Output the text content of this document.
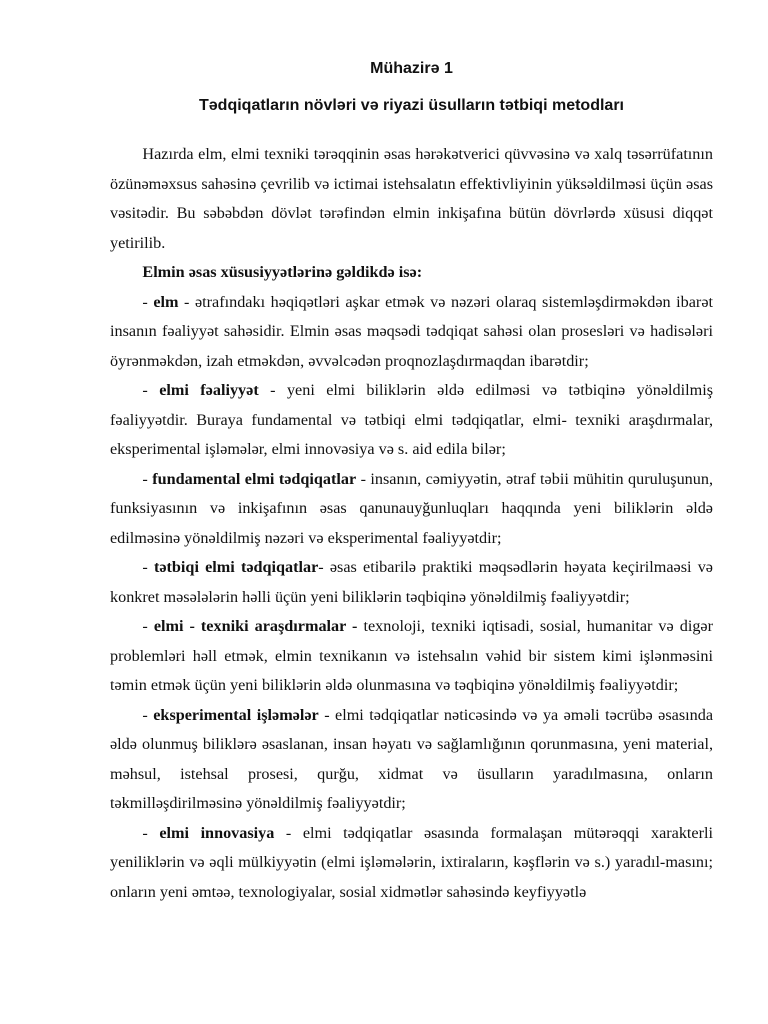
Mühazirə 1
Tədqiqatların növləri və riyazi üsulların tətbiqi metodları

Hazırda elm, elmi texniki tərəqqinin əsas hərəkətverici qüvvəsinə və xalq təsərrüfatının özünəməxsus sahəsinə çevrilib və ictimai istehsalatın effektivliyinin yüksəldilməsi üçün əsas vəsitədir. Bu səbəbdən dövlət tərəfindən elmin inkişafına bütün dövrlərdə xüsusi diqqət yetirilib.

Elmin əsas xüsusiyyətlərinə gəldikdə isə:

- elm - ətrafındakı həqiqətləri aşkar etmək və nəzəri olaraq sistemləşdirməkdən ibarət insanın fəaliyyət sahəsidir. Elmin əsas məqsədi tədqiqat sahəsi olan prosesləri və hadisələri öyrənməkdən, izah etməkdən, əvvəlcədən proqnozlaşdırmaqdan ibarətdir;

- elmi fəaliyyət - yeni elmi biliklərin əldə edilməsi və tətbiqinə yönəldilmiş fəaliyyətdir. Buraya fundamental və tətbiqi elmi tədqiqatlar, elmi- texniki araşdırmalar, eksperimental işləmələr, elmi innovəsiya və s. aid edila bilər;

- fundamental elmi tədqiqatlar - insanın, cəmiyyətin, ətraf təbii mühitin quruluşunun, funksiyasının və inkişafının əsas qanunauyğunluqları haqqında yeni biliklərin əldə edilməsinə yönəldilmiş nəzəri və eksperimental fəaliyyətdir;

- tətbiqi elmi tədqiqatlar- əsas etibarilə praktiki məqsədlərin həyata keçirilmaəsi və konkret məsələlərin həlli üçün yeni biliklərin təqbiqinə yönəldilmiş fəaliyyətdir;

- elmi - texniki araşdırmalar - texnoloji, texniki iqtisadi, sosial, humanitar və digər problemləri həll etmək, elmin texnikanın və istehsalın vəhid bir sistem kimi işlənməsini təmin etmək üçün yeni biliklərin əldə olunmasına və təqbiqinə yönəldilmiş fəaliyyətdir;

- eksperimental işləmələr - elmi tədqiqatlar nəticəsində və ya əməli təcrübə əsasında əldə olunmuş biliklərə əsaslanan, insan həyatı və sağlamlığının qorunmasına, yeni material, məhsul, istehsal prosesi, qurğu, xidmat və üsulların yaradılmasına, onların təkmilləşdirilməsinə yönəldilmiş fəaliyyətdir;

- elmi innovasiya - elmi tədqiqatlar əsasında formalaşan mütərəqqi xarakterli yeniliklərin və əqli mülkiyyətin (elmi işləmələrin, ixtiraların, kəşflərin və s.) yaradıl-masını; onların yeni əmtəə, texnologiyalar, sosial xidmətlər sahəsində keyfiyyətlə
